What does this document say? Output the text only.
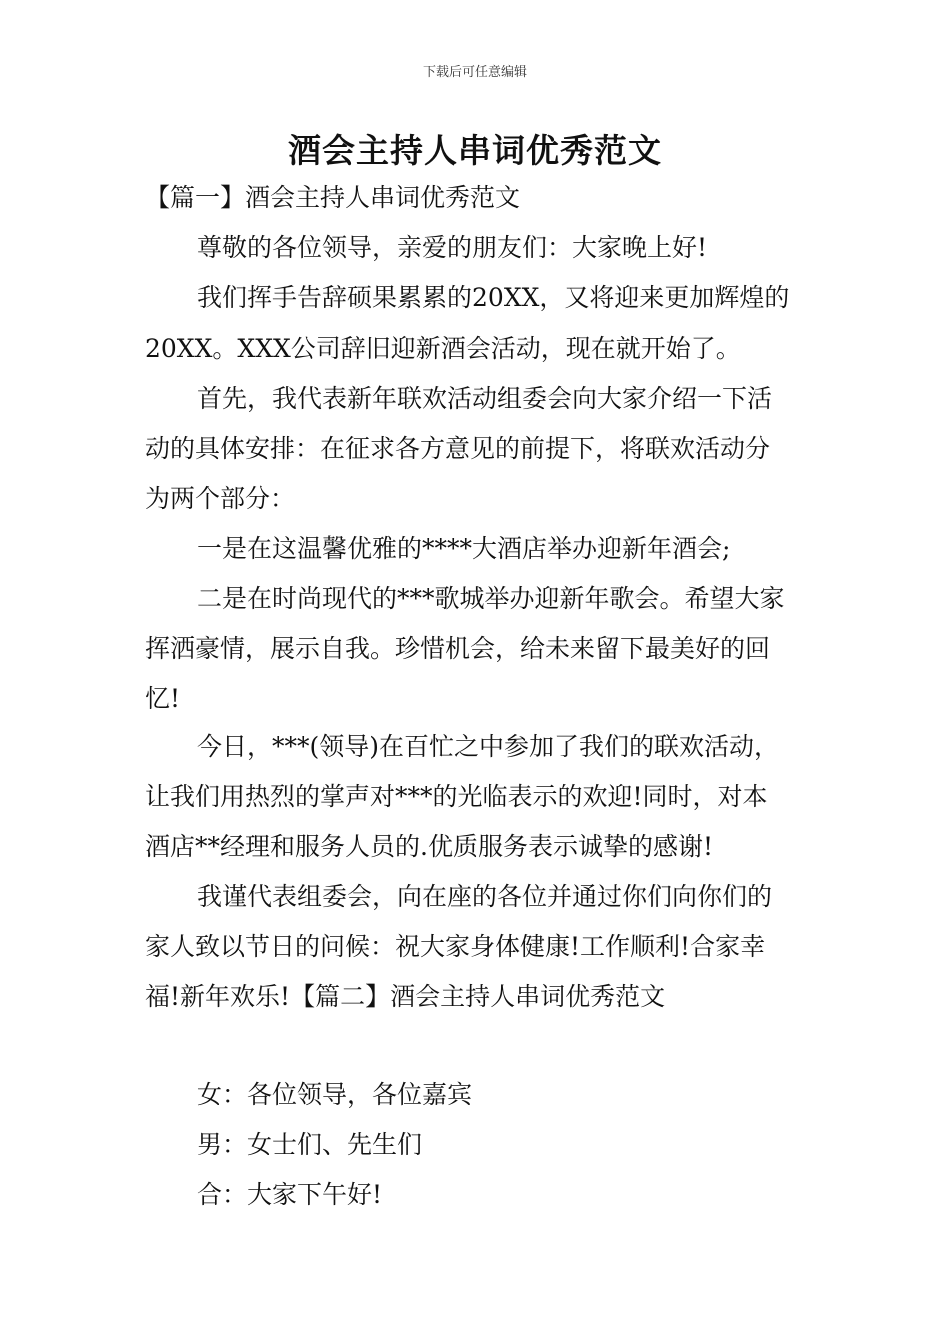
下载后可任意编辑
酒会主持人串词优秀范文
【篇一】酒会主持人串词优秀范文
尊敬的各位领导，亲爱的朋友们：大家晚上好!
我们挥手告辞硕果累累的20XX，又将迎来更加辉煌的
20XX。XXX公司辞旧迎新酒会活动，现在就开始了。
首先，我代表新年联欢活动组委会向大家介绍一下活
动的具体安排：在征求各方意见的前提下，将联欢活动分
为两个部分：
一是在这温馨优雅的****大酒店举办迎新年酒会;
二是在时尚现代的***歌城举办迎新年歌会。希望大家
挥洒豪情，展示自我。珍惜机会，给未来留下最美好的回
忆!
今日，***(领导)在百忙之中参加了我们的联欢活动，
让我们用热烈的掌声对***的光临表示的欢迎!同时，对本
酒店**经理和服务人员的.优质服务表示诚挚的感谢!
我谨代表组委会，向在座的各位并通过你们向你们的
家人致以节日的问候：祝大家身体健康!工作顺利!合家幸
福!新年欢乐!【篇二】酒会主持人串词优秀范文
女：各位领导，各位嘉宾
男：女士们、先生们
合：大家下午好!
